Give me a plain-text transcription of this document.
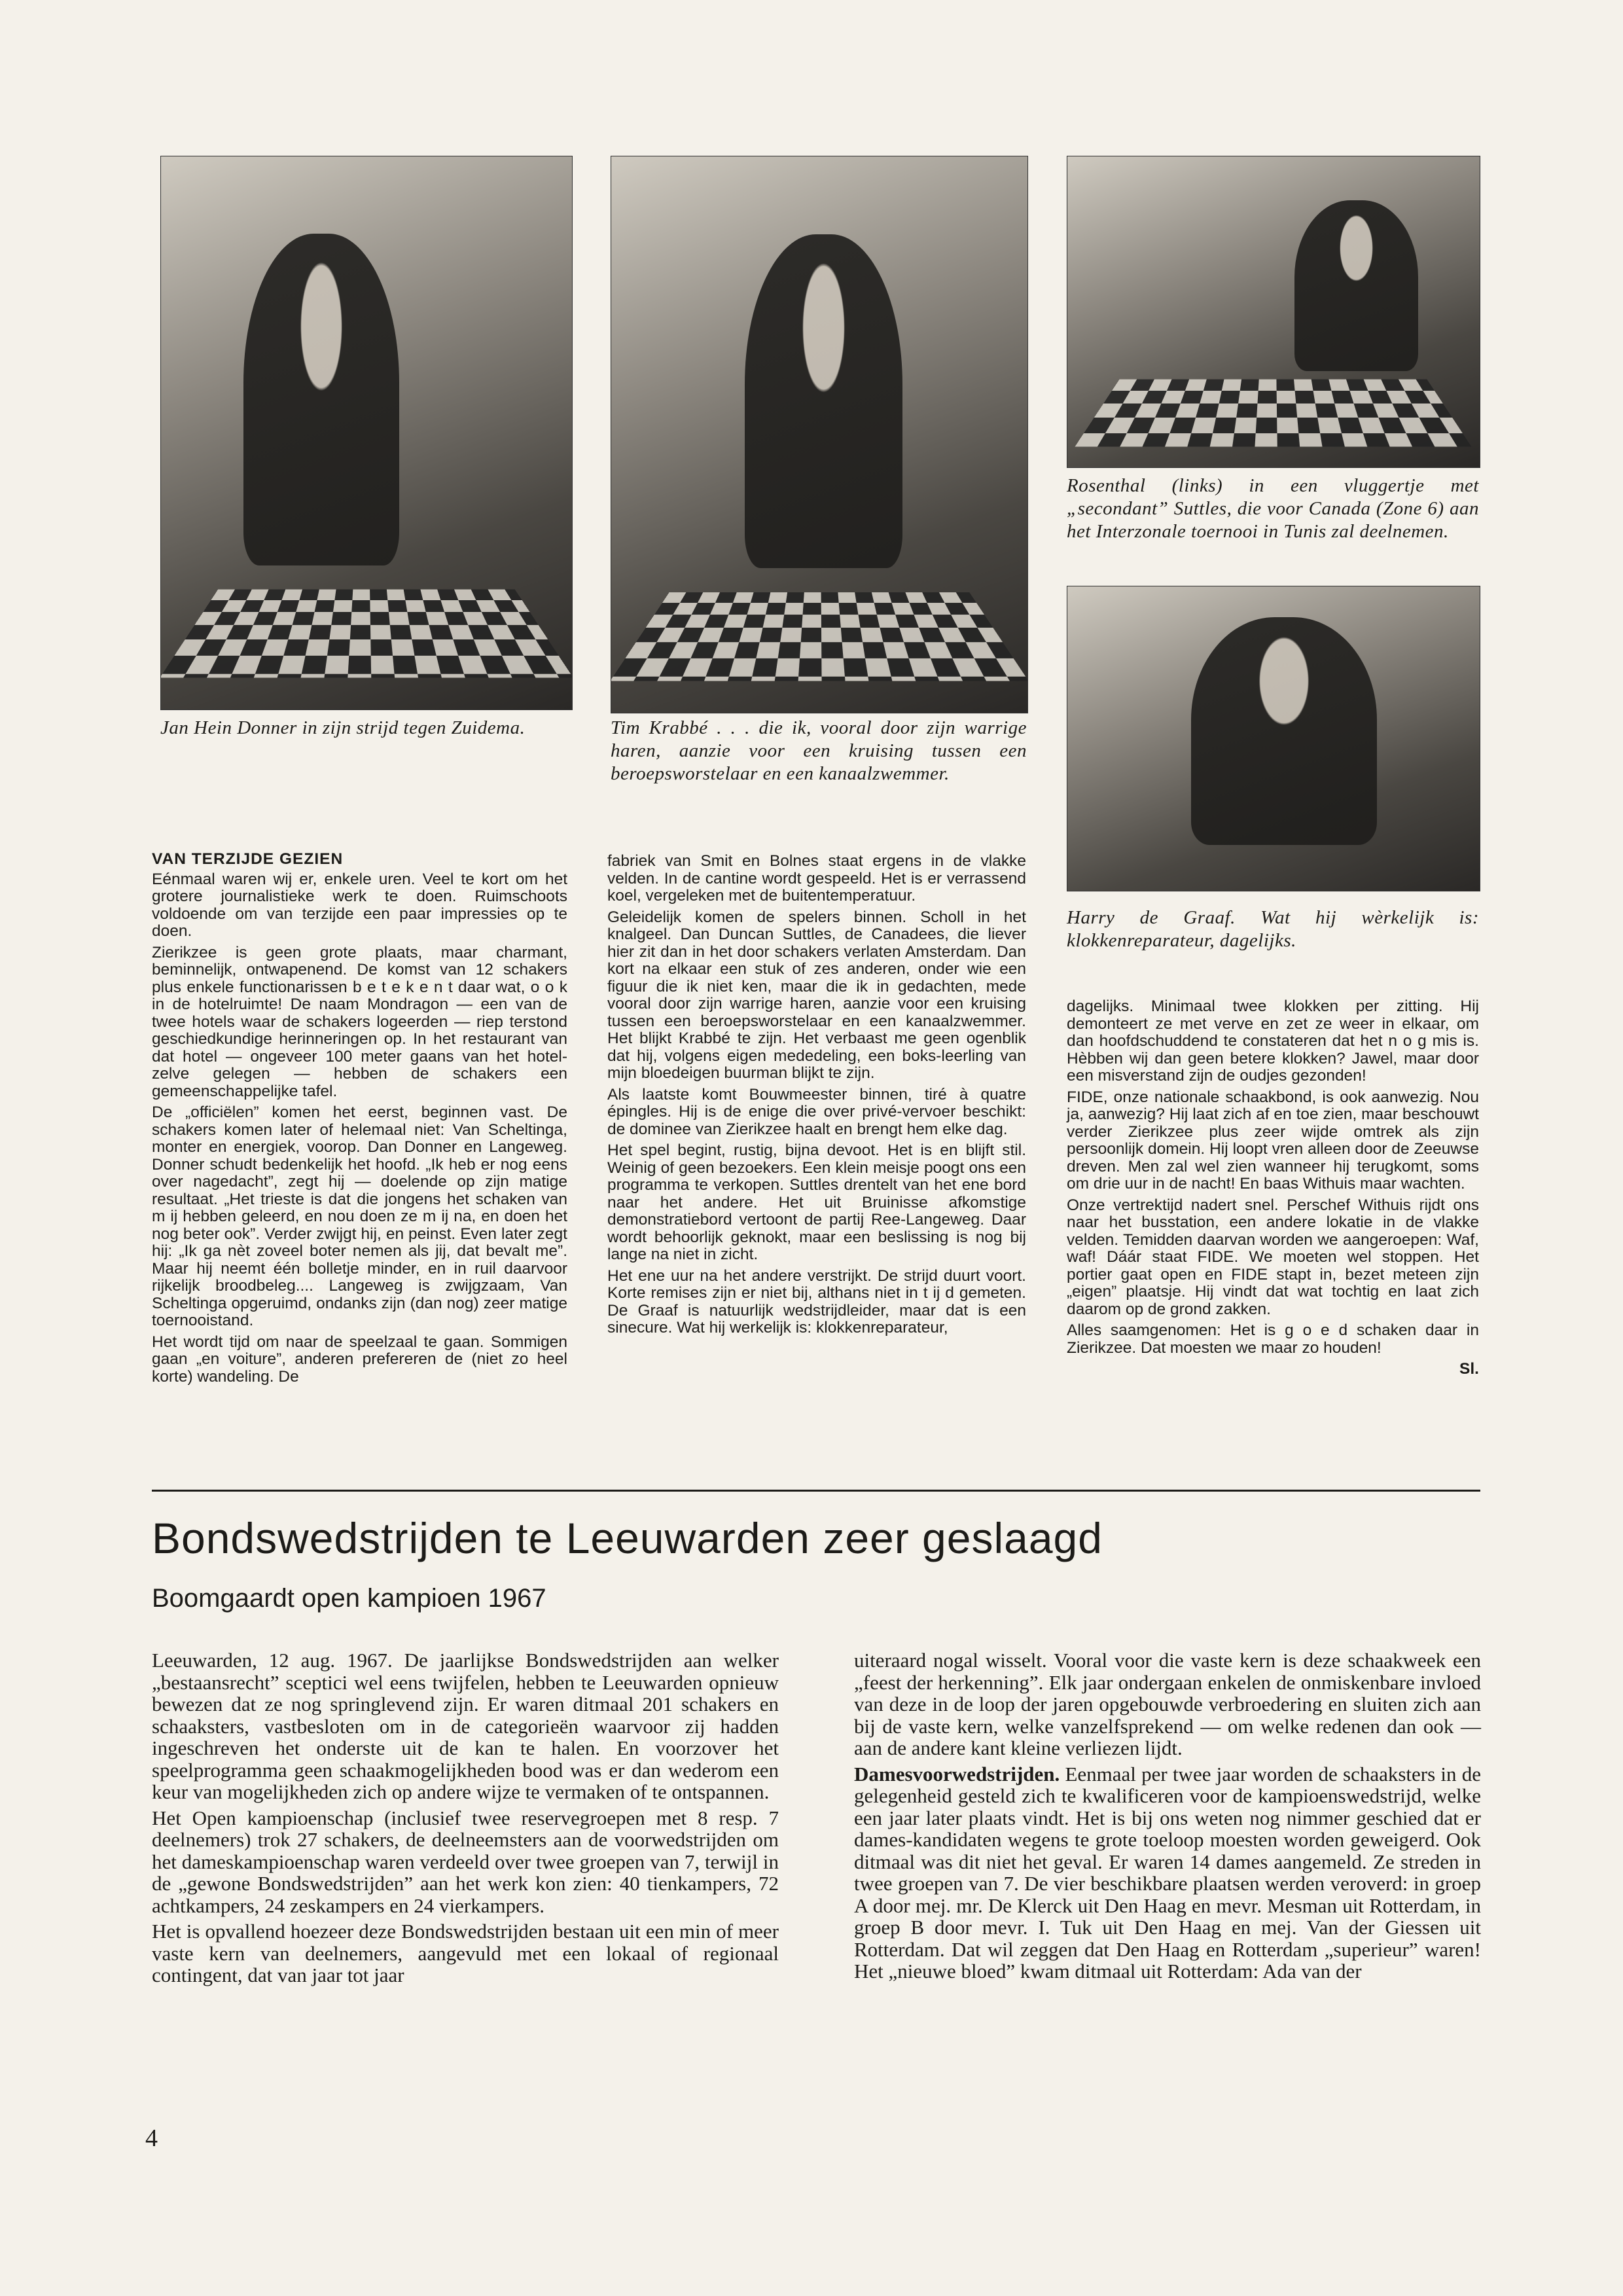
Jan Hein Donner in zijn strijd tegen Zuidema.	Tim Krabbé . . . die ik, vooral door zijn warrige haren, aanzie voor een kruising tussen een beroepsworstelaar en een kanaalzwemmer.
Rosenthal (links) in een vluggertje met „secondant” Suttles, die voor Canada (Zone 6) aan het Interzonale toernooi in Tunis zal deelnemen.
Harry de Graaf. Wat hij wèrkelijk is: klokkenreparateur, dagelijks.

VAN TERZIJDE GEZIEN

Eénmaal waren wij er, enkele uren. Veel te kort om het grotere journalistieke werk te doen. Ruimschoots voldoende om van terzijde een paar impressies op te doen.

Zierikzee is geen grote plaats, maar charmant, beminnelijk, ontwapenend. De komst van 12 schakers plus enkele functionarissen b e t e k e n t daar wat, o o k in de hotelruimte! De naam Mondragon — een van de twee hotels waar de schakers logeerden — riep terstond geschiedkundige herinneringen op. In het restaurant van dat hotel — ongeveer 100 meter gaans van het hotel-zelve gelegen — hebben de schakers een gemeenschappelijke tafel.

De „officiëlen” komen het eerst, beginnen vast. De schakers komen later of helemaal niet: Van Scheltinga, monter en energiek, voorop. Dan Donner en Langeweg. Donner schudt bedenkelijk het hoofd. „Ik heb er nog eens over nagedacht”, zegt hij — doelende op zijn matige resultaat. „Het trieste is dat die jongens het schaken van m ij hebben geleerd, en nou doen ze m ij na, en doen het nog beter ook”. Verder zwijgt hij, en peinst. Even later zegt hij: „Ik ga nèt zoveel boter nemen als jij, dat bevalt me”. Maar hij neemt één bolletje minder, en in ruil daarvoor rijkelijk broodbeleg.... Langeweg is zwijgzaam, Van Scheltinga opgeruimd, ondanks zijn (dan nog) zeer matige toernooistand.

Het wordt tijd om naar de speelzaal te gaan. Sommigen gaan „en voiture”, anderen prefereren de (niet zo heel korte) wandeling. De

fabriek van Smit en Bolnes staat ergens in de vlakke velden. In de cantine wordt gespeeld. Het is er verrassend koel, vergeleken met de buitentemperatuur.

Geleidelijk komen de spelers binnen. Scholl in het knalgeel. Dan Duncan Suttles, de Canadees, die liever hier zit dan in het door schakers verlaten Amsterdam. Dan kort na elkaar een stuk of zes anderen, onder wie een figuur die ik niet ken, maar die ik in gedachten, mede vooral door zijn warrige haren, aanzie voor een kruising tussen een beroepsworstelaar en een kanaalzwemmer. Het blijkt Krabbé te zijn. Het verbaast me geen ogenblik dat hij, volgens eigen mededeling, een boks-leerling van mijn bloedeigen buurman blijkt te zijn.

Als laatste komt Bouwmeester binnen, tiré à quatre épingles. Hij is de enige die over privé-vervoer beschikt: de dominee van Zierikzee haalt en brengt hem elke dag.

Het spel begint, rustig, bijna devoot. Het is en blijft stil. Weinig of geen bezoekers. Een klein meisje poogt ons een programma te verkopen. Suttles drentelt van het ene bord naar het andere. Het uit Bruinisse afkomstige demonstratiebord vertoont de partij Ree-Langeweg. Daar wordt behoorlijk geknokt, maar een beslissing is nog bij lange na niet in zicht.

Het ene uur na het andere verstrijkt. De strijd duurt voort. Korte remises zijn er niet bij, althans niet in t ij d gemeten. De Graaf is natuurlijk wedstrijdleider, maar dat is een sinecure. Wat hij werkelijk is: klokkenreparateur,

dagelijks. Minimaal twee klokken per zitting. Hij demonteert ze met verve en zet ze weer in elkaar, om dan hoofdschuddend te constateren dat het n o g mis is. Hèbben wij dan geen betere klokken? Jawel, maar door een misverstand zijn de oudjes gezonden!

FIDE, onze nationale schaakbond, is ook aanwezig. Nou ja, aanwezig? Hij laat zich af en toe zien, maar beschouwt verder Zierikzee plus zeer wijde omtrek als zijn persoonlijk domein. Hij loopt vren alleen door de Zeeuwse dreven. Men zal wel zien wanneer hij terugkomt, soms om drie uur in de nacht! En baas Withuis maar wachten.

Onze vertrektijd nadert snel. Perschef Withuis rijdt ons naar het busstation, een andere lokatie in de vlakke velden. Temidden daarvan worden we aangeroepen: Waf, waf! Dáár staat FIDE. We moeten wel stoppen. Het portier gaat open en FIDE stapt in, bezet meteen zijn „eigen” plaatsje. Hij vindt dat wat tochtig en laat zich daarom op de grond zakken.

Alles saamgenomen: Het is g o e d schaken daar in Zierikzee. Dat moesten we maar zo houden!

Sl.

Bondswedstrijden te Leeuwarden zeer geslaagd
Boomgaardt open kampioen 1967

Leeuwarden, 12 aug. 1967. De jaarlijkse Bondswedstrijden aan welker „bestaansrecht” sceptici wel eens twijfelen, hebben te Leeuwarden opnieuw bewezen dat ze nog springlevend zijn. Er waren ditmaal 201 schakers en schaaksters, vastbesloten om in de categorieën waarvoor zij hadden ingeschreven het onderste uit de kan te halen. En voorzover het speelprogramma geen schaakmogelijkheden bood was er dan wederom een keur van mogelijkheden zich op andere wijze te vermaken of te ontspannen.

Het Open kampioenschap (inclusief twee reservegroepen met 8 resp. 7 deelnemers) trok 27 schakers, de deelneemsters aan de voorwedstrijden om het dameskampioenschap waren verdeeld over twee groepen van 7, terwijl in de „gewone Bondswedstrijden” aan het werk kon zien: 40 tienkampers, 72 achtkampers, 24 zeskampers en 24 vierkampers.

Het is opvallend hoezeer deze Bondswedstrijden bestaan uit een min of meer vaste kern van deelnemers, aangevuld met een lokaal of regionaal contingent, dat van jaar tot jaar

uiteraard nogal wisselt. Vooral voor die vaste kern is deze schaakweek een „feest der herkenning”. Elk jaar ondergaan enkelen de onmiskenbare invloed van deze in de loop der jaren opgebouwde verbroedering en sluiten zich aan bij de vaste kern, welke vanzelfsprekend — om welke redenen dan ook — aan de andere kant kleine verliezen lijdt.

Damesvoorwedstrijden. Eenmaal per twee jaar worden de schaaksters in de gelegenheid gesteld zich te kwalificeren voor de kampioenswedstrijd, welke een jaar later plaats vindt. Het is bij ons weten nog nimmer geschied dat er dames-kandidaten wegens te grote toeloop moesten worden geweigerd. Ook ditmaal was dit niet het geval. Er waren 14 dames aangemeld. Ze streden in twee groepen van 7. De vier beschikbare plaatsen werden veroverd: in groep A door mej. mr. De Klerck uit Den Haag en mevr. Mesman uit Rotterdam, in groep B door mevr. I. Tuk uit Den Haag en mej. Van der Giessen uit Rotterdam. Dat wil zeggen dat Den Haag en Rotterdam „superieur” waren! Het „nieuwe bloed” kwam ditmaal uit Rotterdam: Ada van der

4
